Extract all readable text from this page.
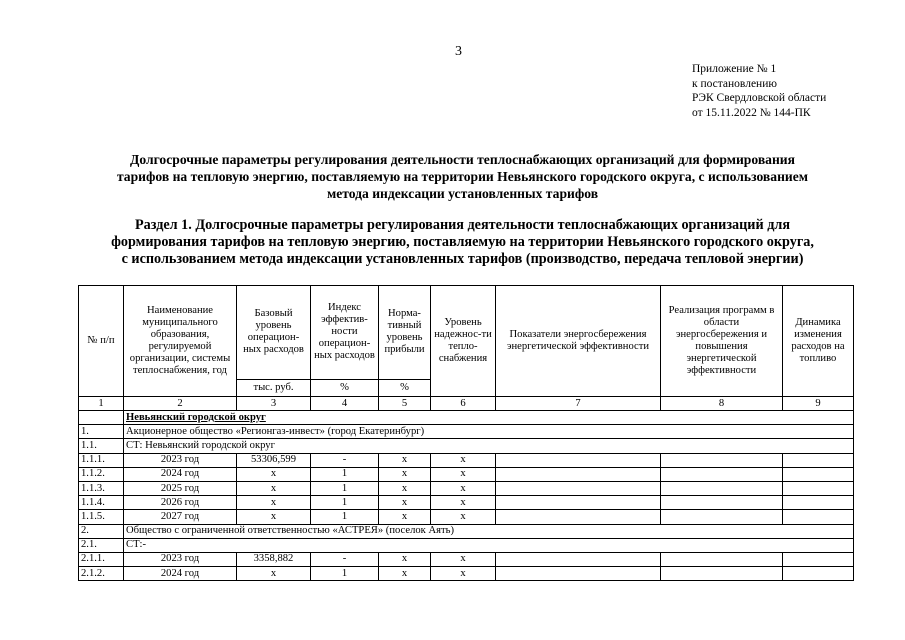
3
Приложение № 1
к постановлению
РЭК Свердловской области
от 15.11.2022 № 144-ПК
Долгосрочные параметры регулирования деятельности теплоснабжающих организаций для формирования
тарифов на тепловую энергию, поставляемую на территории Невьянского городского округа, с использованием
метода индексации установленных тарифов
Раздел 1. Долгосрочные параметры регулирования деятельности теплоснабжающих организаций для
формирования тарифов на тепловую энергию, поставляемую на территории Невьянского городского округа,
с использованием метода индексации установленных тарифов (производство, передача тепловой энергии)
№ п/п	Наименование муниципального образования, регулируемой организации, системы теплоснабжения, год	Базовый уровень операцион-ных расходов	Индекс эффектив-ности операцион-ных расходов	Норма-тивный уровень прибыли	Уровень надежнос-ти тепло-снабжения	Показатели энергосбережения энергетической эффективности	Реализация программ в области энергосбережения и повышения энергетической эффективности	Динамика изменения расходов на топливо
		тыс. руб.	%	%				
1	2	3	4	5	6	7	8	9
	Невьянский городской округ							
1.	Акционерное общество «Регионгаз-инвест» (город Екатеринбург)							
1.1.	СТ: Невьянский городской округ							
1.1.1.	2023 год	53306,599	-	х	х			
1.1.2.	2024 год	х	1	х	х			
1.1.3.	2025 год	х	1	х	х			
1.1.4.	2026 год	х	1	х	х			
1.1.5.	2027 год	х	1	х	х			
2.	Общество с ограниченной ответственностью «АСТРЕЯ» (поселок Аять)							
2.1.	СТ:-							
2.1.1.	2023 год	3358,882	-	х	х			
2.1.2.	2024 год	х	1	х	х			
